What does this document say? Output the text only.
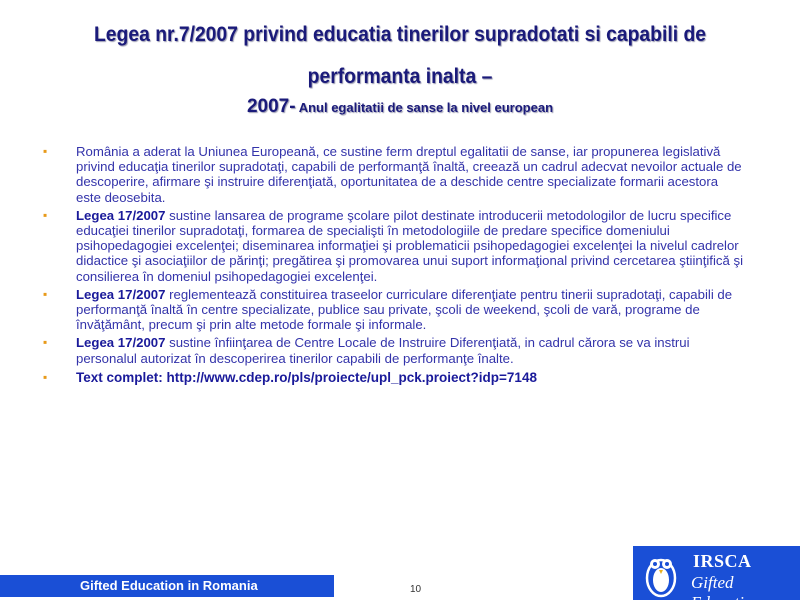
Legea nr.7/2007 privind educatia tinerilor supradotati si capabili de
performanta inalta –
2007- Anul egalitatii de sanse la nivel european
▪ România a aderat la Uniunea Europeană, ce sustine ferm dreptul egalitatii de sanse, iar propunerea legislativă privind educaţia tinerilor supradotaţi, capabili de performanţă înaltă, creează un cadrul adecvat nevoilor actuale de descoperire, afirmare şi instruire diferenţiată, oportunitatea de a deschide centre specializate formarii acestora este deosebita.
▪ Legea 17/2007 sustine lansarea de programe şcolare pilot destinate introducerii metodologilor de lucru specifice educaţiei tinerilor supradotaţi, formarea de specialişti în metodologiile de predare specifice domeniului psihopedagogiei excelenţei; diseminarea informaţiei şi problematicii psihopedagogiei excelenţei la nivelul cadrelor didactice şi asociaţiilor de părinţi; pregătirea şi promovarea unui suport informaţional privind cercetarea ştiinţifică şi consilierea în domeniul psihopedagogiei excelenţei.
▪ Legea 17/2007 reglementează constituirea traseelor curriculare diferenţiate pentru tinerii supradotaţi, capabili de performanţă înaltă în centre specializate, publice sau private, şcoli de weekend, şcoli de vară, programe de învăţământ, precum şi prin alte metode formale şi informale.
▪ Legea 17/2007 sustine înfiinţarea de Centre Locale de Instruire Diferenţiată, in cadrul cărora se va instrui personalul autorizat în descoperirea tinerilor capabili de performanţe înalte.
▪ Text complet: http://www.cdep.ro/pls/proiecte/upl_pck.proiect?idp=7148
Gifted Education in Romania	10
IRSCA
Gifted Education
